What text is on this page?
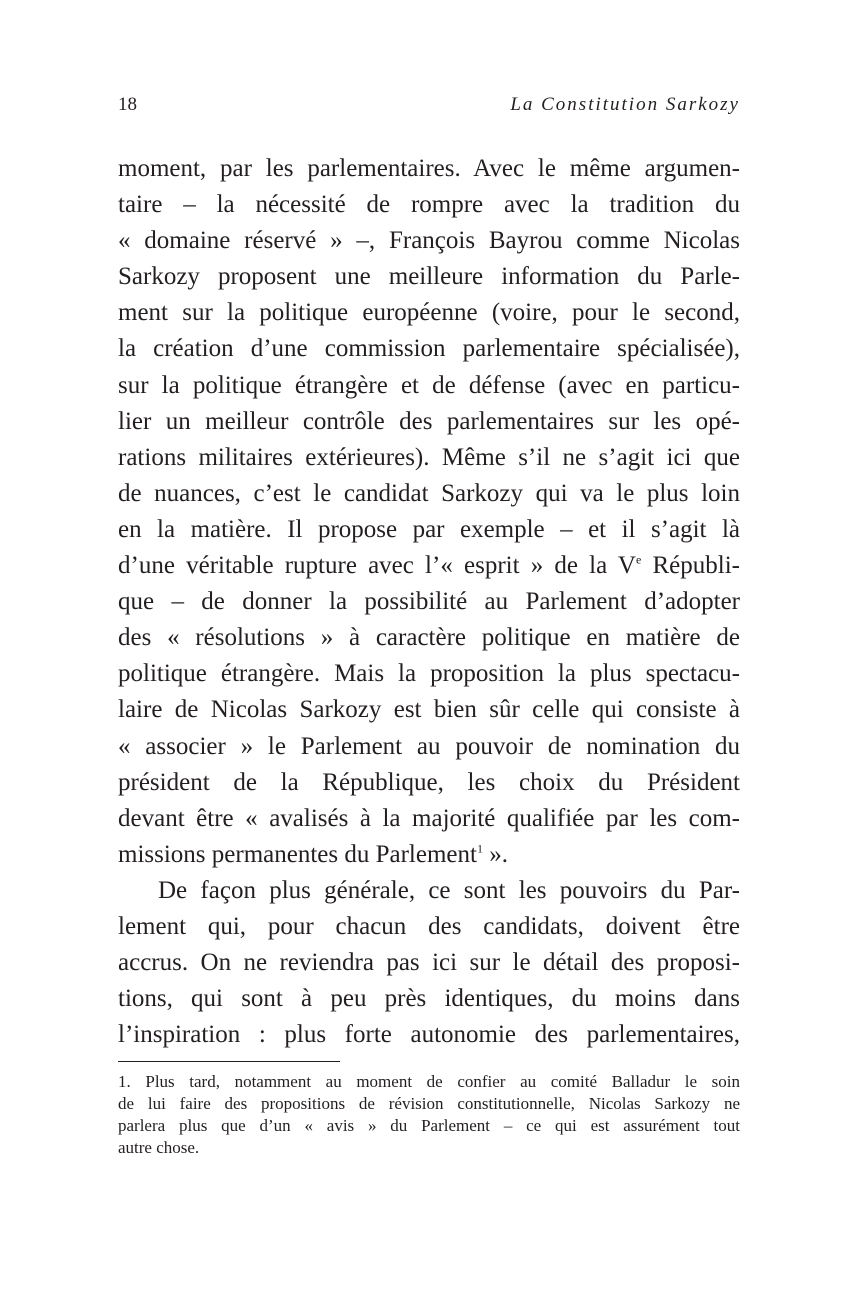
18	La Constitution Sarkozy
moment, par les parlementaires. Avec le même argumen-
taire – la nécessité de rompre avec la tradition du
« domaine réservé » –, François Bayrou comme Nicolas
Sarkozy proposent une meilleure information du Parle-
ment sur la politique européenne (voire, pour le second,
la création d’une commission parlementaire spécialisée),
sur la politique étrangère et de défense (avec en particu-
lier un meilleur contrôle des parlementaires sur les opé-
rations militaires extérieures). Même s’il ne s’agit ici que
de nuances, c’est le candidat Sarkozy qui va le plus loin
en la matière. Il propose par exemple – et il s’agit là
d’une véritable rupture avec l’« esprit » de la Ve Républi-
que – de donner la possibilité au Parlement d’adopter
des « résolutions » à caractère politique en matière de
politique étrangère. Mais la proposition la plus spectacu-
laire de Nicolas Sarkozy est bien sûr celle qui consiste à
« associer » le Parlement au pouvoir de nomination du
président de la République, les choix du Président
devant être « avalisés à la majorité qualifiée par les com-
missions permanentes du Parlement$^1$ ».
De façon plus générale, ce sont les pouvoirs du Par-
lement qui, pour chacun des candidats, doivent être
accrus. On ne reviendra pas ici sur le détail des proposi-
tions, qui sont à peu près identiques, du moins dans
l’inspiration : plus forte autonomie des parlementaires,
1. Plus tard, notamment au moment de confier au comité Balladur le soin
de lui faire des propositions de révision constitutionnelle, Nicolas Sarkozy ne
parlera plus que d’un « avis » du Parlement – ce qui est assurément tout
autre chose.
